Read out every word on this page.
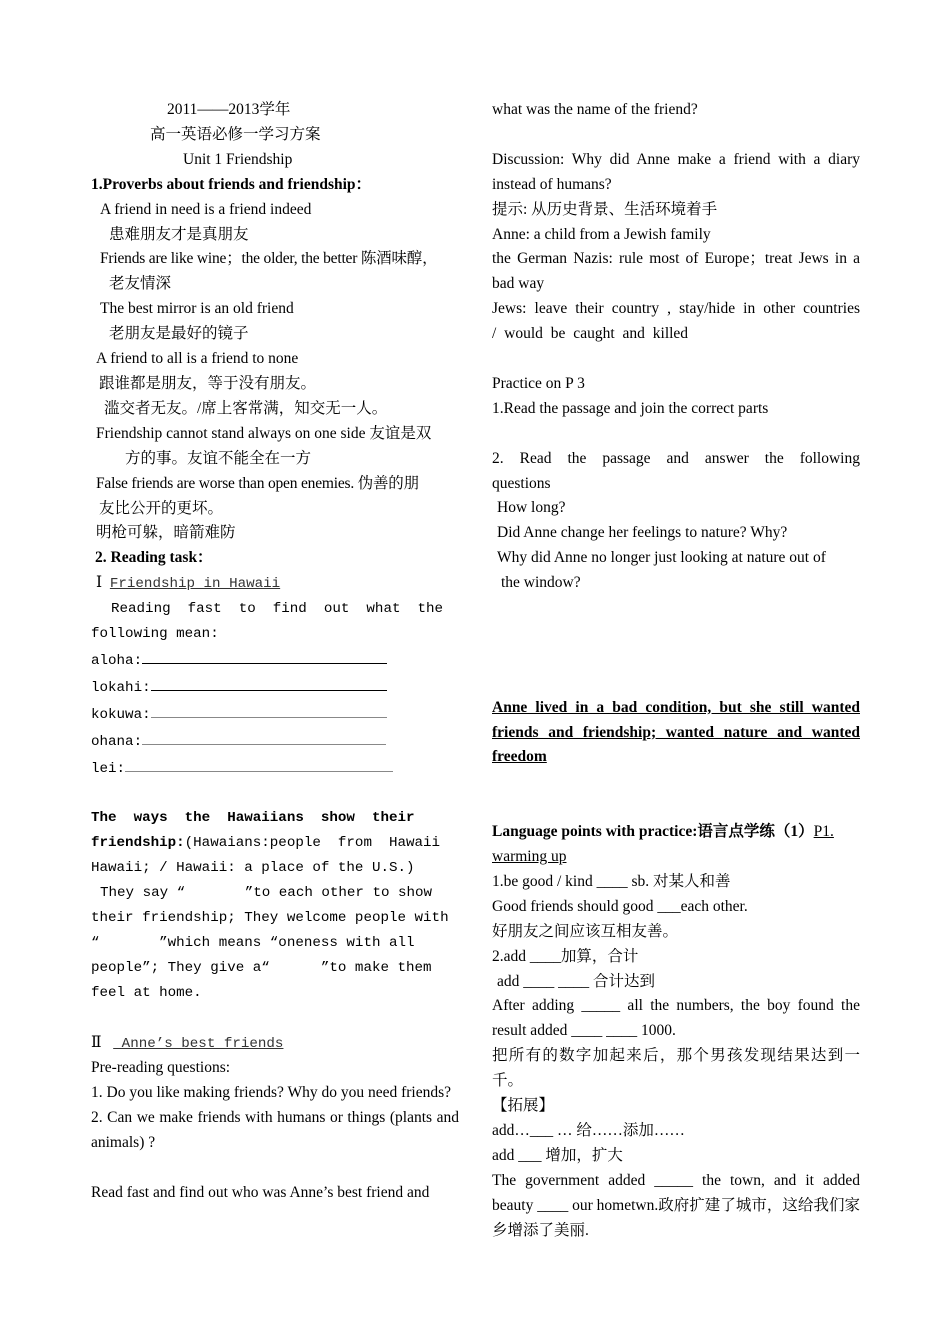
2011——2013学年
高一英语必修一学习方案
Unit 1 Friendship
1.Proverbs about friends and friendship：
A friend in need is a friend indeed
患难朋友才是真朋友
Friends are like wine；the older, the better 陈酒味醇，
老友情深
The best mirror is an old friend
老朋友是最好的镜子
A friend to all is a friend to none
跟谁都是朋友，等于没有朋友。
滥交者无友。/席上客常满，知交无一人。
Friendship cannot stand always on one side 友谊是双
方的事。友谊不能全在一方
False friends are worse than open enemies. 伪善的朋
友比公开的更坏。
明枪可躲，暗箭难防
2. Reading task：
Ⅰ Friendship in Hawaii
Reading  fast  to  find  out  what  the
following mean:
aloha:
lokahi:
kokuwa:
ohana:
lei:
The  ways  the  Hawaiians  show  their
friendship:(Hawaians:people  from  Hawaii
Hawaii; / Hawaii: a place of the U.S.)
They say “       ”to each other to show
their friendship; They welcome people with
“       ”which means “oneness with all
people”; They give a“      ”to make them
feel at home.
Ⅱ    Anne’s best friends
Pre-reading questions:
1. Do you like making friends? Why do you need friends?
2. Can we make friends with humans or things (plants and animals) ?
Read fast and find out who was Anne’s best friend and
what was the name of the friend?
Discussion: Why did Anne make a friend with a diary instead of humans?
提示: 从历史背景、生活环境着手
Anne: a child from a Jewish family
the German Nazis: rule most of Europe；treat Jews in a bad way
Jews: leave their country , stay/hide in other countries / would be caught and killed
Practice on P 3
1.Read the passage and join the correct parts
2. Read the passage and answer the following questions
How long?
Did Anne change her feelings to nature? Why?
Why did Anne no longer just looking at nature out of
the window?
Anne lived in a bad condition, but she still wanted friends and friendship; wanted nature and wanted freedom
Language points with practice:语言点学练（1）P1. warming up
1.be good / kind ____ sb. 对某人和善
Good friends should good ___each other.
好朋友之间应该互相友善。
2.add ____加算，合计
add ____ ____ 合计达到
After adding _____ all the numbers, the boy found the result added ____ ____ 1000.
把所有的数字加起来后，那个男孩发现结果达到一千。
【拓展】
add…___ … 给……添加……
add ___ 增加，扩大
The government added _____ the town, and it added beauty ____ our hometwn.政府扩建了城市，这给我们家乡增添了美丽.
